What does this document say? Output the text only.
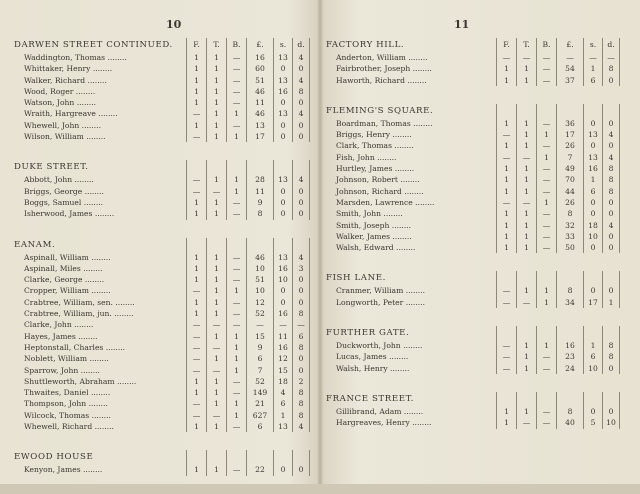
10
DARWEN STREET CONTINUED.	F.	T.	B.	£.	s.	d.
Waddington, Thomas ........	1	1	—	16	13	4
Whittaker, Henry ........	1	1	—	60	0	0
Walker, Richard ........	1	1	—	51	13	4
Wood, Roger ........	1	1	—	46	16	8
Watson, John ........	1	1	—	11	0	0
Wraith, Hargreave ........	—	1	1	46	13	4
Whewell, John ........	1	1	—	13	0	0
Wilson, William ........	—	1	1	17	0	0
DUKE STREET.
Abbott, John ........	—	1	1	28	13	4
Briggs, George ........	—	—	1	11	0	0
Boggs, Samuel ........	1	1	—	9	0	0
Isherwood, James ........	1	1	—	8	0	0
EANAM.
Aspinall, William ........	1	1	—	46	13	4
Aspinall, Miles ........	1	1	—	10	16	3
Clarke, George ........	1	1	—	51	10	0
Cropper, William ........	—	1	1	10	0	0
Crabtree, William, sen. ........	1	1	—	12	0	0
Crabtree, William, jun. ........	1	1	—	52	16	8
Clarke, John ........	—	—	—	—	—	—
Hayes, James ........	—	1	1	15	11	6
Heptonstall, Charles ........	—	—	1	9	16	8
Noblett, William ........	—	1	1	6	12	0
Sparrow, John ........	—	—	1	7	15	0
Shuttleworth, Abraham ........	1	1	—	52	18	2
Thwaites, Daniel ........	1	1	—	149	4	8
Thompson, John ........	—	1	1	21	6	8
Wilcock, Thomas ........	—	—	1	627	1	8
Whewell, Richard ........	1	1	—	6	13	4
EWOOD HOUSE
Kenyon, James ........	1	1	—	22	0	0
11
FACTORY HILL.	F.	T.	B.	£.	s.	d.
Anderton, William ........	—	—	—	—	—	—
Fairbrother, Joseph ........	1	1	—	54	1	8
Haworth, Richard ........	1	1	—	37	6	0
FLEMING'S SQUARE.
Boardman, Thomas ........	1	1	—	36	0	0
Briggs, Henry ........	—	1	1	17	13	4
Clark, Thomas ........	1	1	—	26	0	0
Fish, John ........	—	—	1	7	13	4
Hurtley, James ........	1	1	—	49	16	8
Johnson, Robert ........	1	1	—	70	1	8
Johnson, Richard ........	1	1	—	44	6	8
Marsden, Lawrence ........	—	—	1	26	0	0
Smith, John ........	1	1	—	8	0	0
Smith, Joseph ........	1	1	—	32	18	4
Walker, James ........	1	1	—	33	10	0
Walsh, Edward ........	1	1	—	50	0	0
FISH LANE.
Cranmer, William ........	—	1	1	8	0	0
Longworth, Peter ........	—	—	1	34	17	1
FURTHER GATE.
Duckworth, John ........	—	1	1	16	1	8
Lucas, James ........	—	1	—	23	6	8
Walsh, Henry ........	—	1	—	24	10	0
FRANCE STREET.
Gillibrand, Adam ........	1	1	—	8	0	0
Hargreaves, Henry ........	1	—	—	40	5	10
